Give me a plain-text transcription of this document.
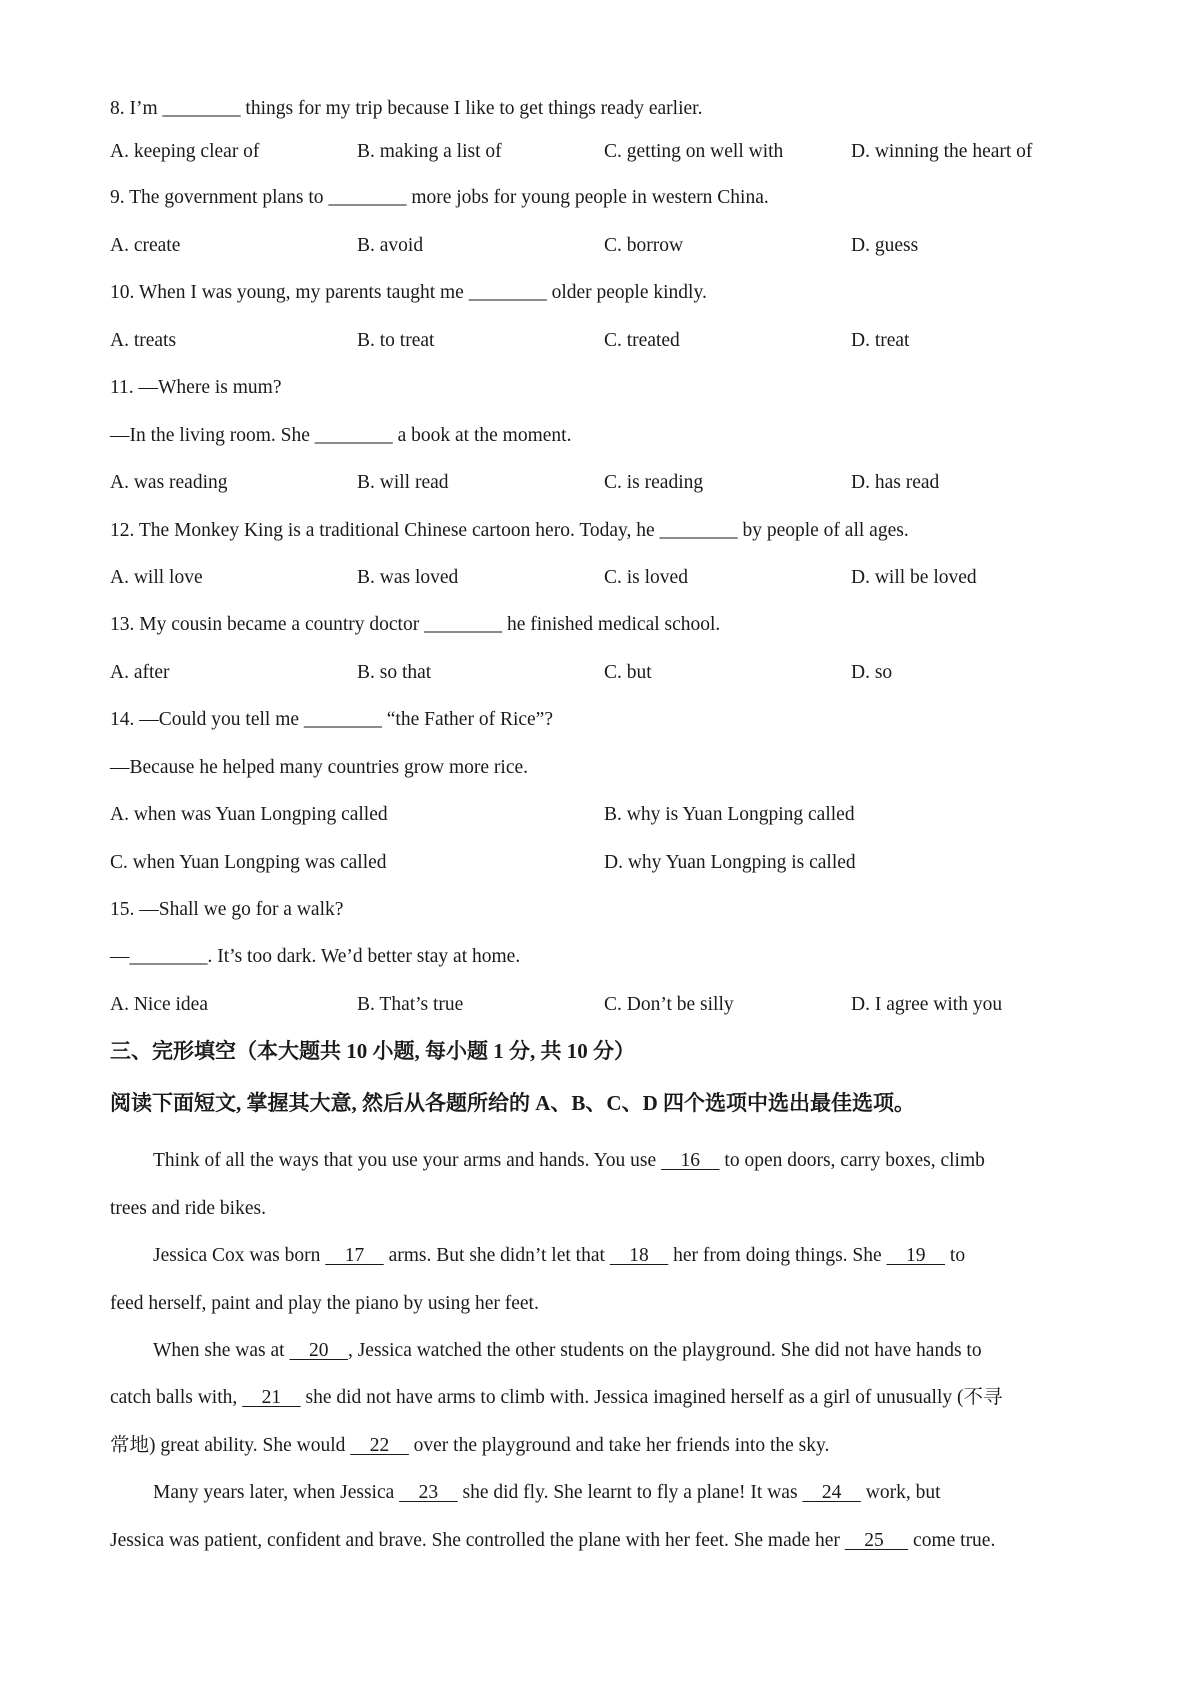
8. I’m ________ things for my trip because I like to get things ready earlier.
A. keeping clear of	B. making a list of	C. getting on well with	D. winning the heart of
9. The government plans to ________ more jobs for young people in western China.
A. create	B. avoid	C. borrow	D. guess
10. When I was young, my parents taught me ________ older people kindly.
A. treats	B. to treat	C. treated	D. treat
11. —Where is mum?
—In the living room. She ________ a book at the moment.
A. was reading	B. will read	C. is reading	D. has read
12. The Monkey King is a traditional Chinese cartoon hero. Today, he ________ by people of all ages.
A. will love	B. was loved	C. is loved	D. will be loved
13. My cousin became a country doctor ________ he finished medical school.
A. after	B. so that	C. but	D. so
14. —Could you tell me ________ “the Father of Rice”?
—Because he helped many countries grow more rice.
A. when was Yuan Longping called	B. why is Yuan Longping called
C. when Yuan Longping was called	D. why Yuan Longping is called
15. —Shall we go for a walk?
—________. It’s too dark. We’d better stay at home.
A. Nice idea	B. That’s true	C. Don’t be silly	D. I agree with you
三、完形填空（本大题共 10 小题, 每小题 1 分, 共 10 分）
阅读下面短文, 掌握其大意, 然后从各题所给的 A、B、C、D 四个选项中选出最佳选项。
Think of all the ways that you use your arms and hands. You use     16     to open doors, carry boxes, climb
trees and ride bikes.
Jessica Cox was born     17     arms. But she didn’t let that     18     her from doing things. She     19     to
feed herself, paint and play the piano by using her feet.
When she was at     20    , Jessica watched the other students on the playground. She did not have hands to
catch balls with,     21     she did not have arms to climb with. Jessica imagined herself as a girl of unusually (不寻
常地) great ability. She would     22     over the playground and take her friends into the sky.
Many years later, when Jessica     23     she did fly. She learnt to fly a plane! It was     24     work, but
Jessica was patient, confident and brave. She controlled the plane with her feet. She made her     25      come true.
